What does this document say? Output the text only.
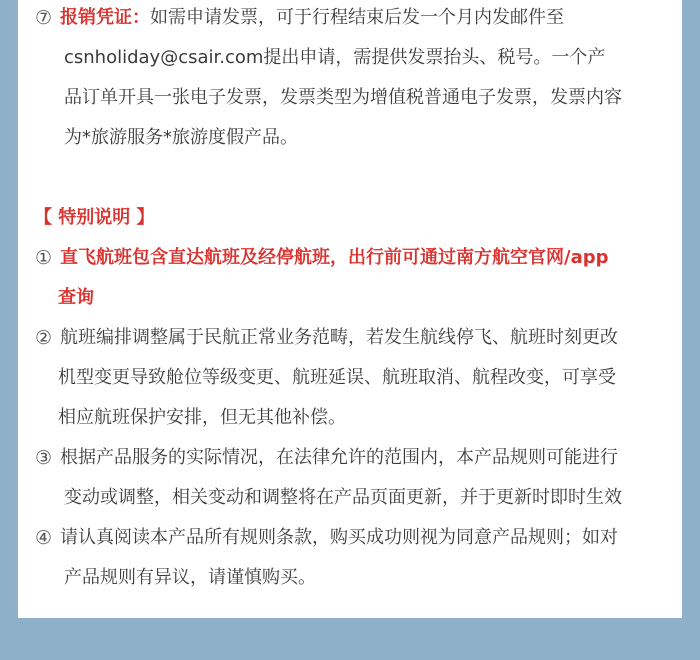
⑦ 报销凭证：如需申请发票，可于行程结束后发一个月内发邮件至
csnholiday@csair.com提出申请，需提供发票抬头、税号。一个产
品订单开具一张电子发票，发票类型为增值税普通电子发票，发票内容
为*旅游服务*旅游度假产品。
【 特别说明 】
① 直飞航班包含直达航班及经停航班，出行前可通过南方航空官网/app
查询
② 航班编排调整属于民航正常业务范畴，若发生航线停飞、航班时刻更改
机型变更导致舱位等级变更、航班延误、航班取消、航程改变，可享受
相应航班保护安排，但无其他补偿。
③ 根据产品服务的实际情况，在法律允许的范围内，本产品规则可能进行
变动或调整，相关变动和调整将在产品页面更新，并于更新时即时生效
④ 请认真阅读本产品所有规则条款，购买成功则视为同意产品规则；如对
产品规则有异议，请谨慎购买。
